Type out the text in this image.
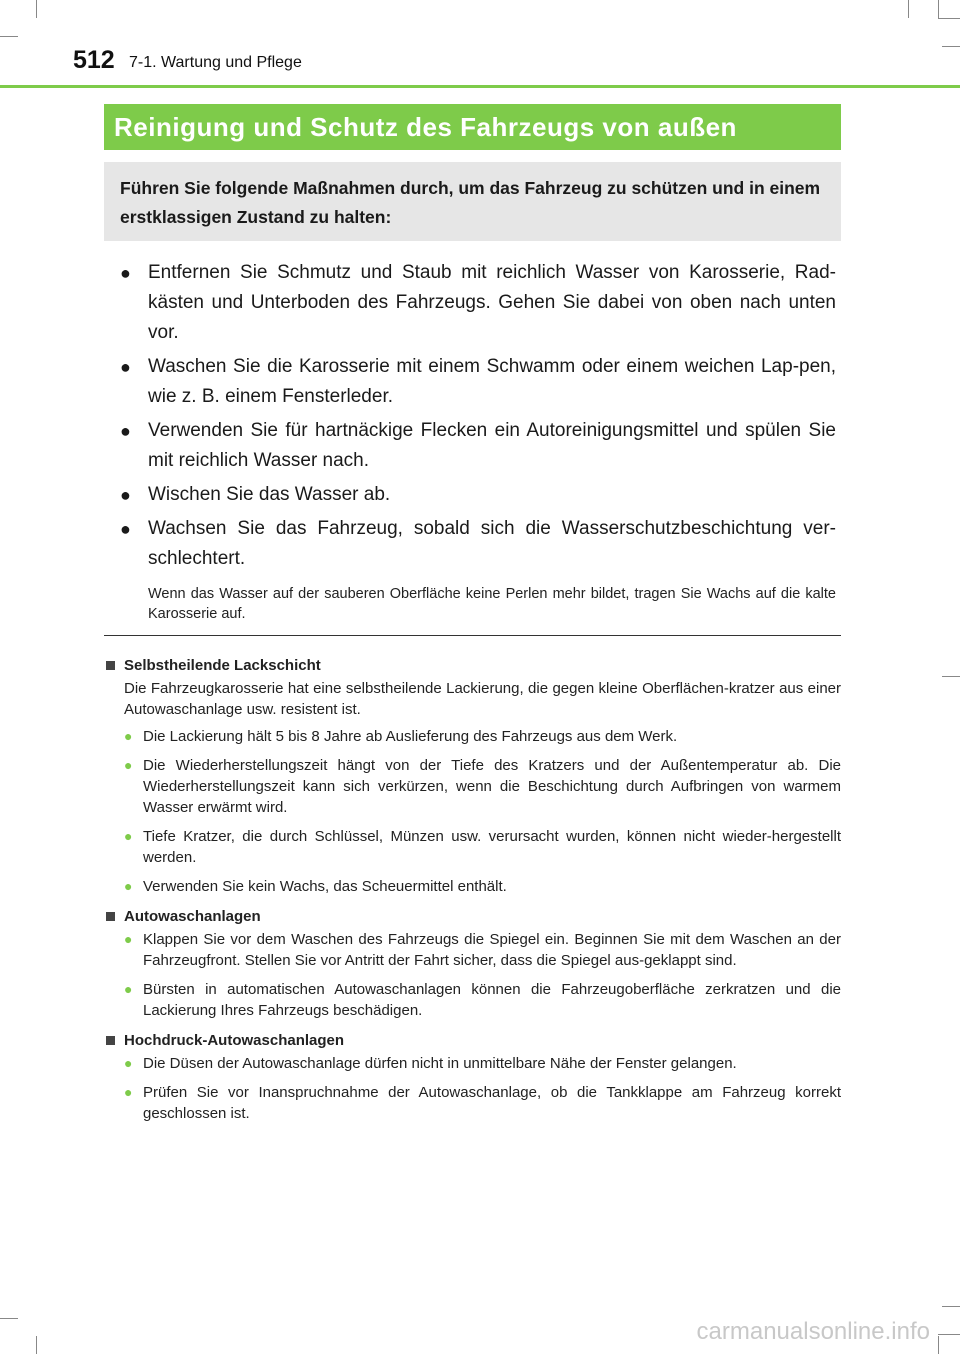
512 7-1. Wartung und Pflege
Reinigung und Schutz des Fahrzeugs von außen
Führen Sie folgende Maßnahmen durch, um das Fahrzeug zu schützen und in einem erstklassigen Zustand zu halten:
● Entfernen Sie Schmutz und Staub mit reichlich Wasser von Karosserie, Rad-kästen und Unterboden des Fahrzeugs. Gehen Sie dabei von oben nach unten vor.
● Waschen Sie die Karosserie mit einem Schwamm oder einem weichen Lap-pen, wie z. B. einem Fensterleder.
● Verwenden Sie für hartnäckige Flecken ein Autoreinigungsmittel und spülen Sie mit reichlich Wasser nach.
● Wischen Sie das Wasser ab.
● Wachsen Sie das Fahrzeug, sobald sich die Wasserschutzbeschichtung ver-schlechtert.
Wenn das Wasser auf der sauberen Oberfläche keine Perlen mehr bildet, tragen Sie Wachs auf die kalte Karosserie auf.
Selbstheilende Lackschicht
Die Fahrzeugkarosserie hat eine selbstheilende Lackierung, die gegen kleine Oberflächen-kratzer aus einer Autowaschanlage usw. resistent ist.
● Die Lackierung hält 5 bis 8 Jahre ab Auslieferung des Fahrzeugs aus dem Werk.
● Die Wiederherstellungszeit hängt von der Tiefe des Kratzers und der Außentemperatur ab. Die Wiederherstellungszeit kann sich verkürzen, wenn die Beschichtung durch Aufbringen von warmem Wasser erwärmt wird.
● Tiefe Kratzer, die durch Schlüssel, Münzen usw. verursacht wurden, können nicht wieder-hergestellt werden.
● Verwenden Sie kein Wachs, das Scheuermittel enthält.
Autowaschanlagen
● Klappen Sie vor dem Waschen des Fahrzeugs die Spiegel ein. Beginnen Sie mit dem Waschen an der Fahrzeugfront. Stellen Sie vor Antritt der Fahrt sicher, dass die Spiegel aus-geklappt sind.
● Bürsten in automatischen Autowaschanlagen können die Fahrzeugoberfläche zerkratzen und die Lackierung Ihres Fahrzeugs beschädigen.
Hochdruck-Autowaschanlagen
● Die Düsen der Autowaschanlage dürfen nicht in unmittelbare Nähe der Fenster gelangen.
● Prüfen Sie vor Inanspruchnahme der Autowaschanlage, ob die Tankklappe am Fahrzeug korrekt geschlossen ist.
carmanualsonline.info
